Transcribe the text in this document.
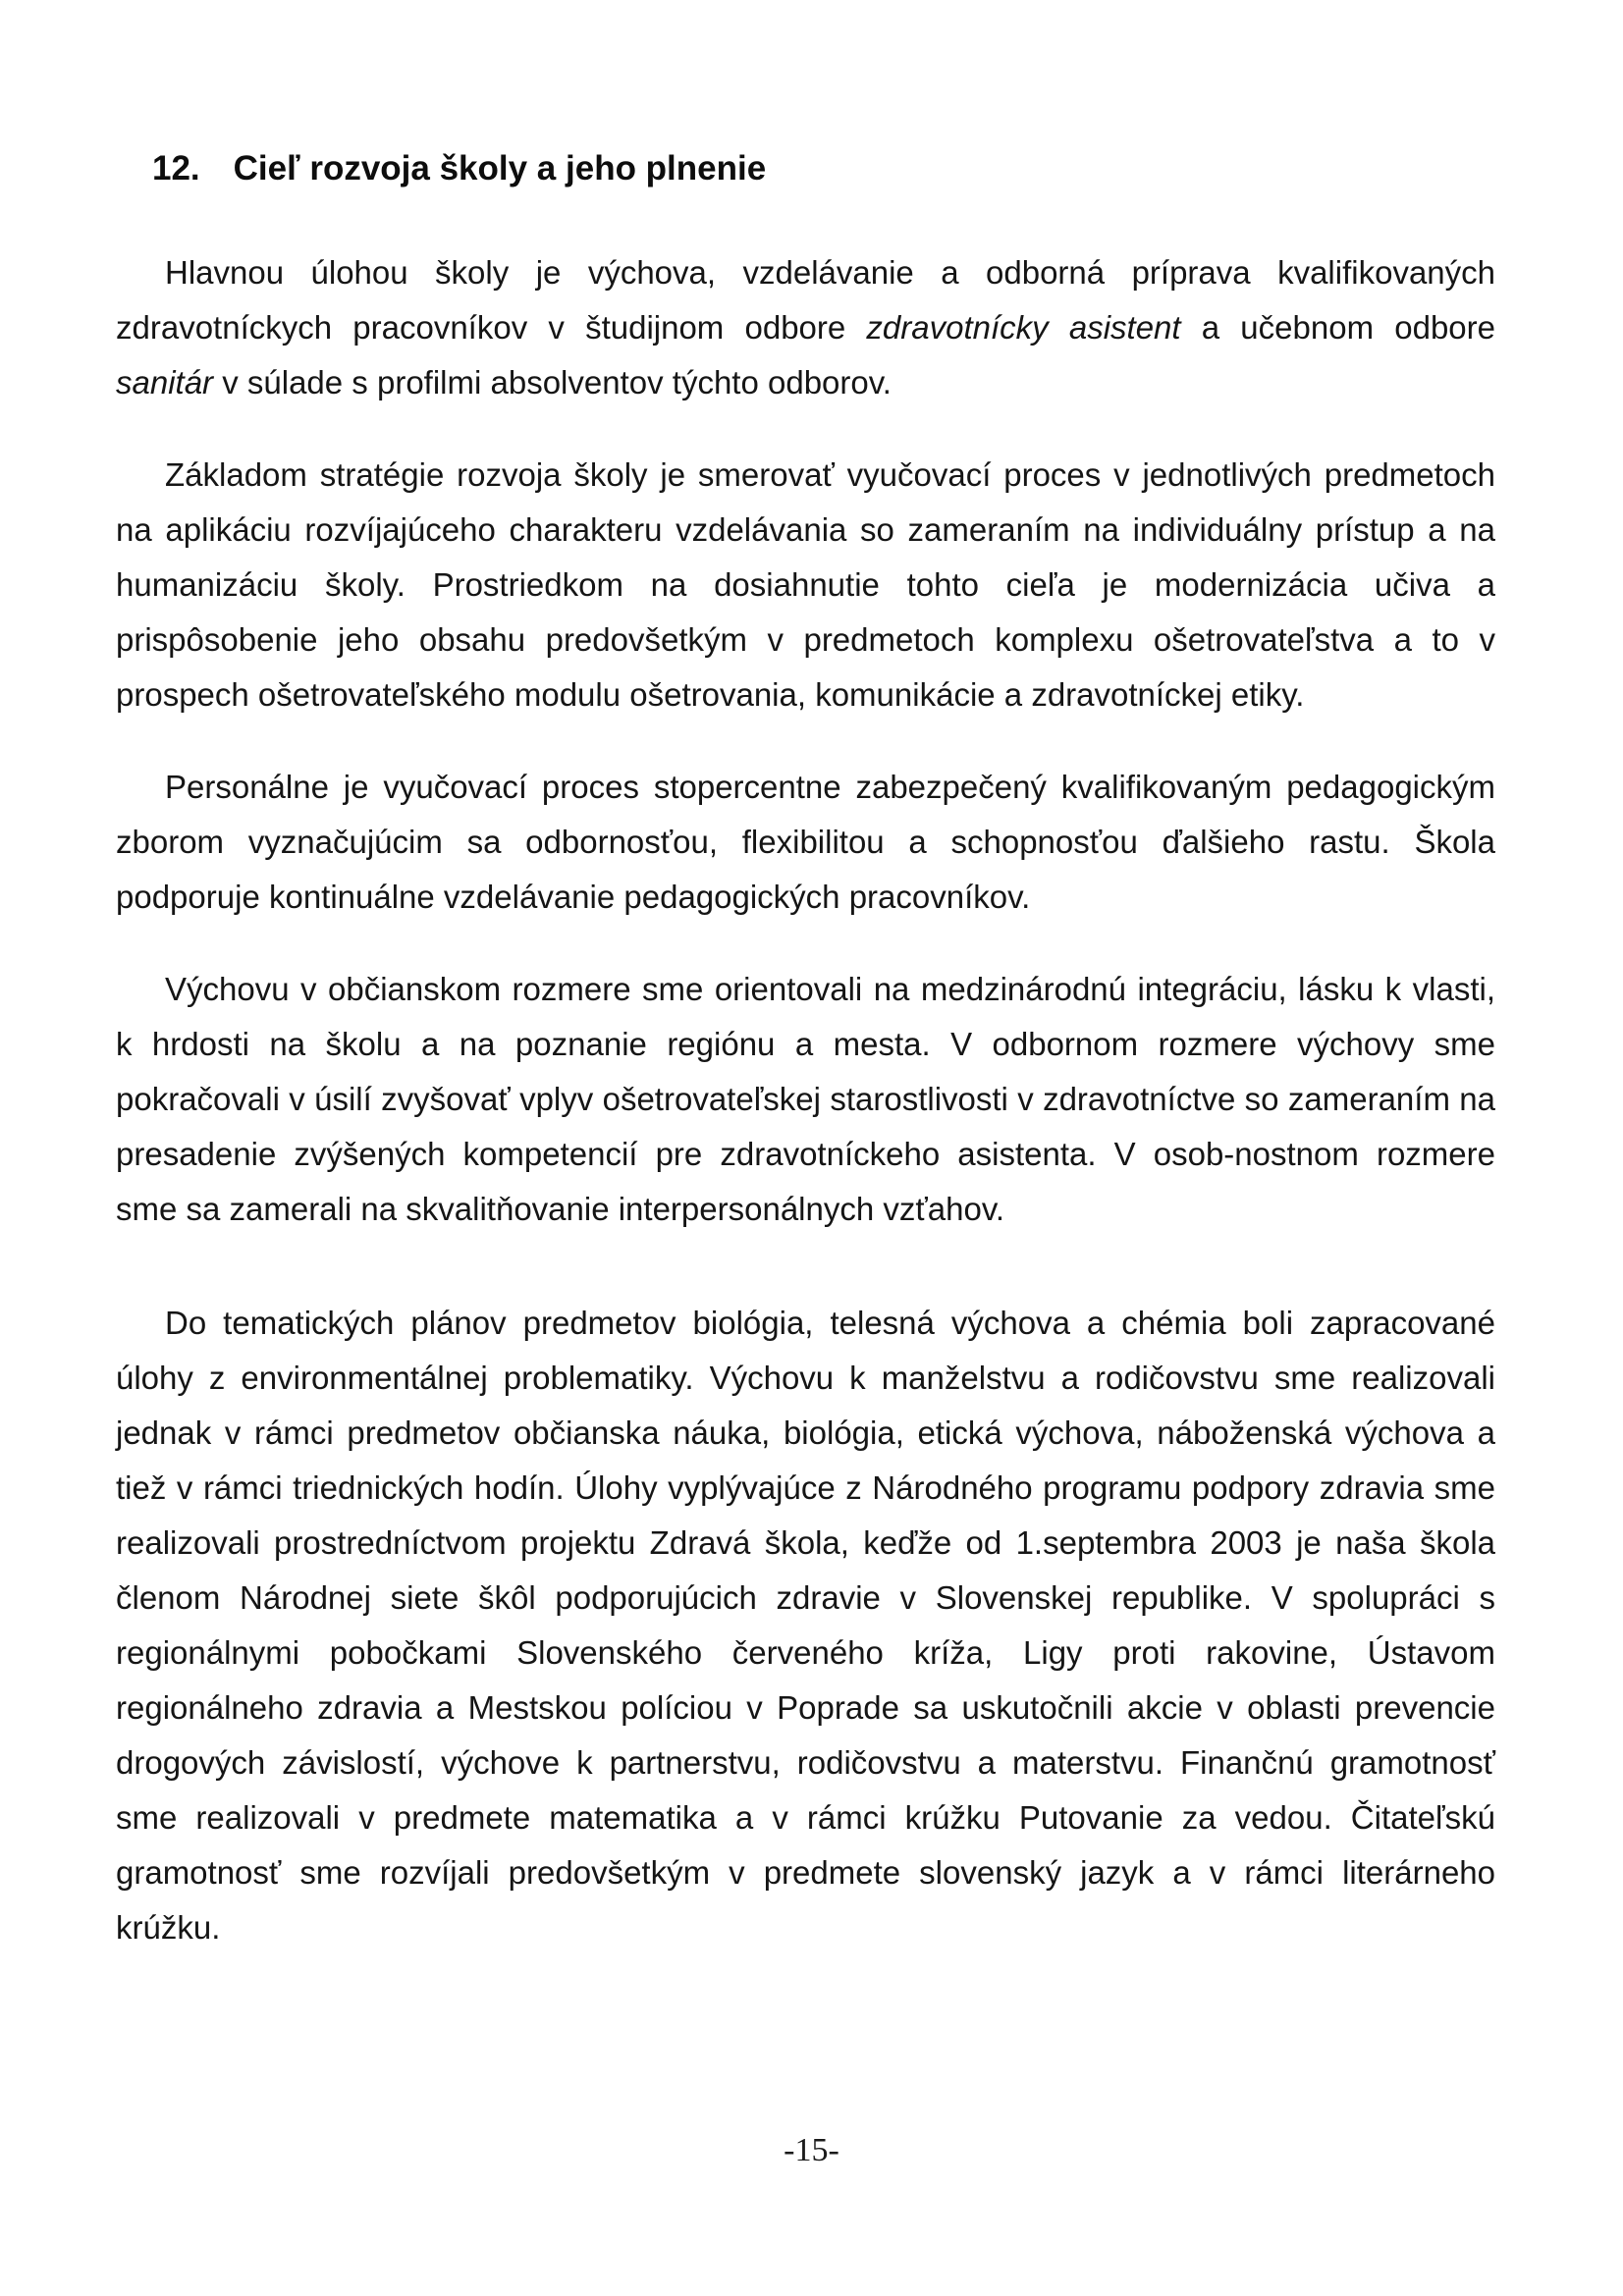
12. Cieľ rozvoja školy a jeho plnenie

Hlavnou úlohou školy je výchova, vzdelávanie a odborná príprava kvalifikovaných zdravotníckych pracovníkov v študijnom odbore zdravotnícky asistent a učebnom odbore sanitár v súlade s profilmi absolventov týchto odborov.

Základom stratégie rozvoja školy je smerovať vyučovací proces v jednotlivých predmetoch na aplikáciu rozvíjajúceho charakteru vzdelávania so zameraním na individuálny prístup a na humanizáciu školy. Prostriedkom na dosiahnutie tohto cieľa je modernizácia učiva a prispôsobenie jeho obsahu predovšetkým v predmetoch komplexu ošetrovateľstva a to v prospech ošetrovateľského modulu ošetrovania, komunikácie a zdravotníckej etiky.

Personálne je vyučovací proces stopercentne zabezpečený kvalifikovaným pedagogickým zborom vyznačujúcim sa odbornosťou, flexibilitou a schopnosťou ďalšieho rastu. Škola podporuje kontinuálne vzdelávanie pedagogických pracovníkov.

Výchovu v občianskom rozmere sme orientovali na medzinárodnú integráciu, lásku k vlasti, k hrdosti na školu a na poznanie regiónu a mesta. V odbornom rozmere výchovy sme pokračovali v úsilí zvyšovať vplyv ošetrovateľskej starostlivosti v zdravotníctve so zameraním na presadenie zvýšených kompetencií pre zdravotníckeho asistenta. V osob-nostnom rozmere sme sa zamerali na skvalitňovanie interpersonálnych vzťahov.

Do tematických plánov predmetov biológia, telesná výchova a chémia boli zapracované úlohy z environmentálnej problematiky. Výchovu k manželstvu a rodičovstvu sme realizovali jednak v rámci predmetov občianska náuka, biológia, etická výchova, náboženská výchova a tiež v rámci triednických hodín. Úlohy vyplývajúce z Národného programu podpory zdravia sme realizovali prostredníctvom projektu Zdravá škola, keďže od 1.septembra 2003 je naša škola členom Národnej siete škôl podporujúcich zdravie v Slovenskej republike. V spolupráci s regionálnymi pobočkami Slovenského červeného kríža, Ligy proti rakovine, Ústavom regionálneho zdravia a Mestskou políciou v Poprade sa uskutočnili akcie v oblasti prevencie drogových závislostí, výchove k partnerstvu, rodičovstvu a materstvu. Finančnú gramotnosť sme realizovali v predmete matematika a v rámci krúžku Putovanie za vedou. Čitateľskú gramotnosť sme rozvíjali predovšetkým v predmete slovenský jazyk a v rámci literárneho krúžku.

-15-
